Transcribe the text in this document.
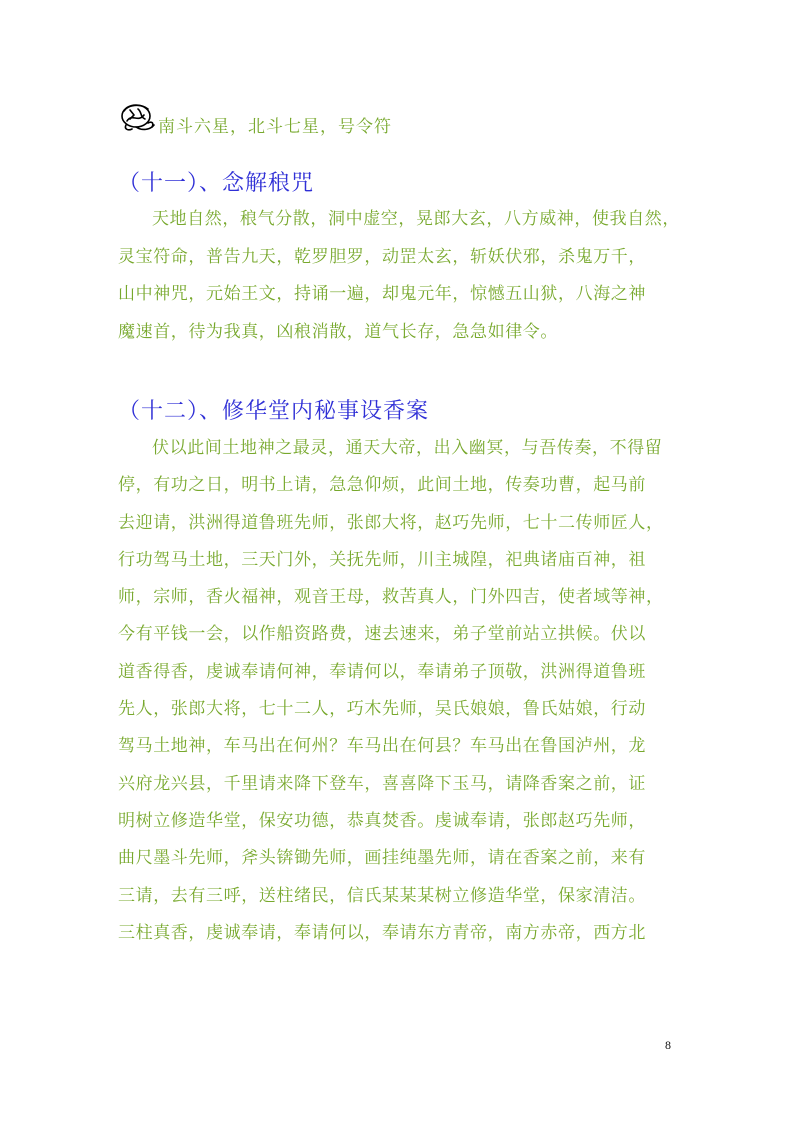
南斗六星，北斗七星，号令符
（十一）、念解稂咒
天地自然，稂气分散，洞中虚空，晃郎大玄，八方威神，使我自然，
灵宝符命，普告九天，乾罗胆罗，动罡太玄，斩妖伏邪，杀鬼万千，
山中神咒，元始王文，持诵一遍，却鬼元年，惊憾五山狱，八海之神
魔速首，待为我真，凶稂消散，道气长存，急急如律令。
（十二）、修华堂内秘事设香案
伏以此间土地神之最灵，通天大帝，出入幽冥，与吾传奏，不得留
停，有功之日，明书上请，急急仰烦，此间土地，传奏功曹，起马前
去迎请，洪洲得道鲁班先师，张郎大将，赵巧先师，七十二传师匠人，
行功驾马土地，三天门外，关抚先师，川主城隍，祀典诸庙百神，祖
师，宗师，香火福神，观音王母，救苦真人，门外四吉，使者域等神，
今有平钱一会，以作船资路费，速去速来，弟子堂前站立拱候。伏以
道香得香，虔诚奉请何神，奉请何以，奉请弟子顶敬，洪洲得道鲁班
先人，张郎大将，七十二人，巧木先师，吴氏娘娘，鲁氏姑娘，行动
驾马土地神，车马出在何州？车马出在何县？车马出在鲁国泸州，龙
兴府龙兴县，千里请来降下登车，喜喜降下玉马，请降香案之前，证
明树立修造华堂，保安功德，恭真焚香。虔诚奉请，张郎赵巧先师，
曲尺墨斗先师，斧头锛锄先师，画挂纯墨先师，请在香案之前，来有
三请，去有三呼，送柱绪民，信氏某某某树立修造华堂，保家清洁。
三柱真香，虔诚奉请，奉请何以，奉请东方青帝，南方赤帝，西方北
8
